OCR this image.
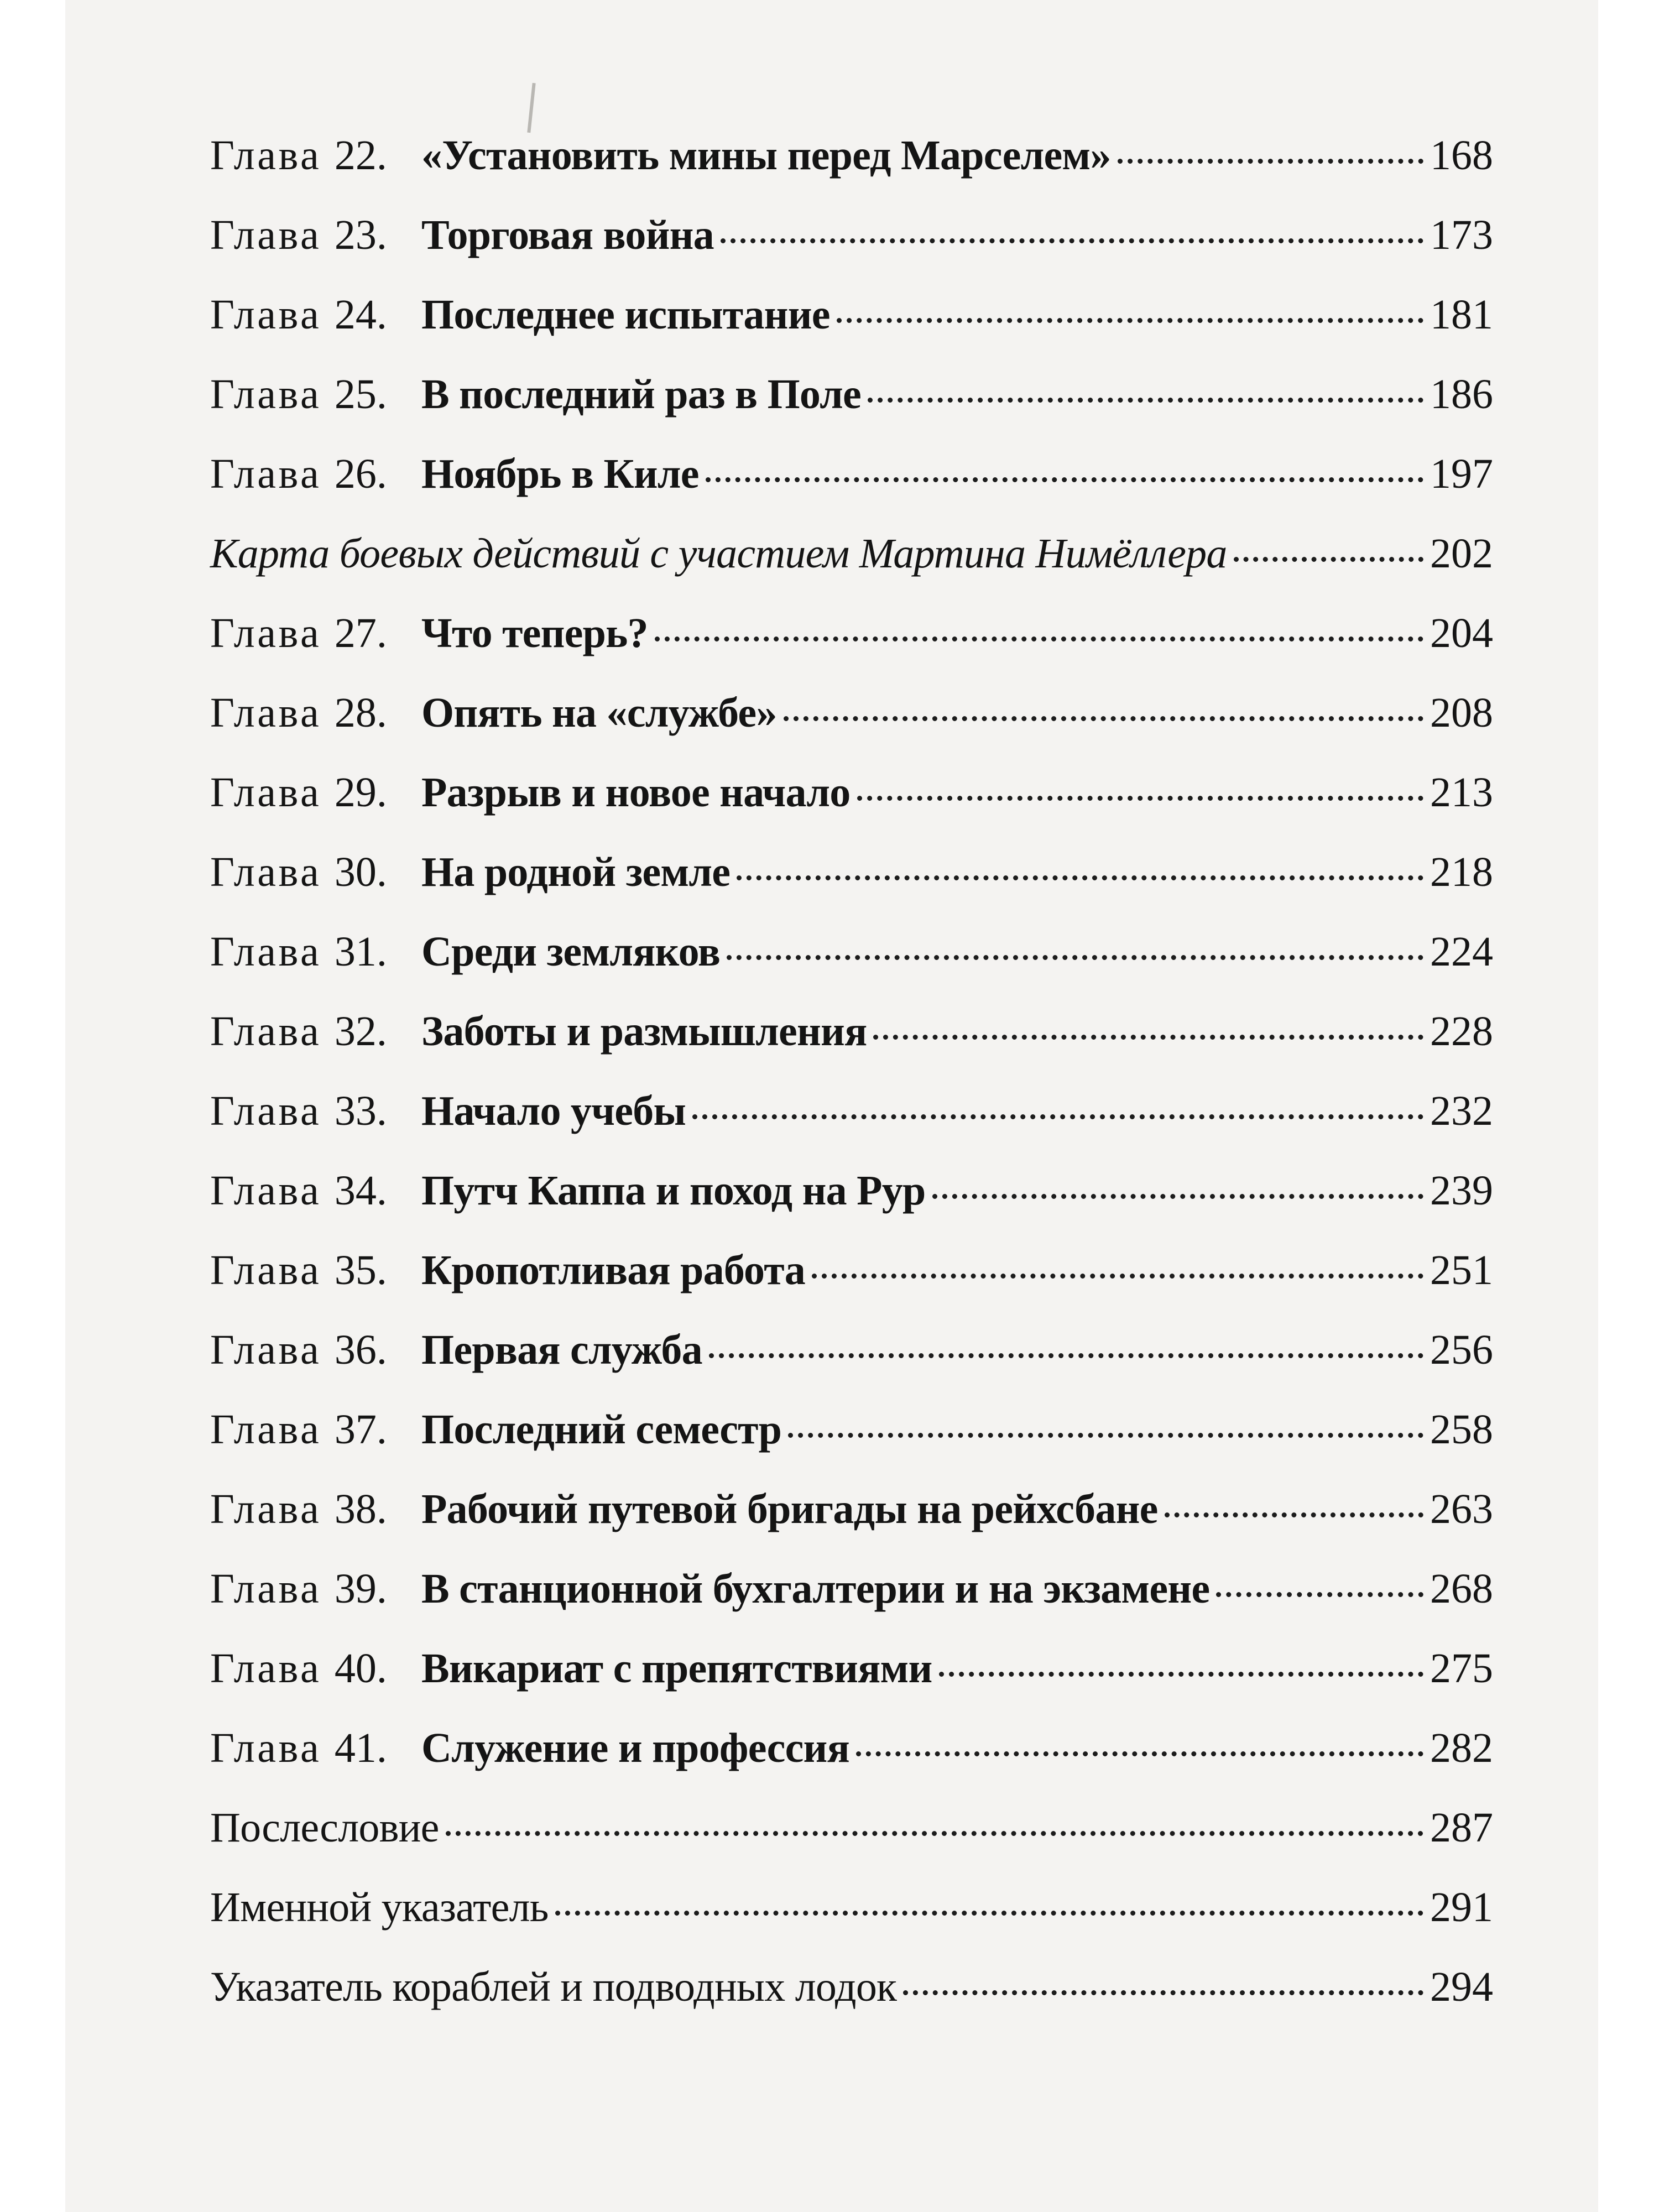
Глава 22. «Установить мины перед Марселем»	168
Глава 23. Торговая война	173
Глава 24. Последнее испытание	181
Глава 25. В последний раз в Поле	186
Глава 26. Ноябрь в Киле	197
Карта боевых действий с участием Мартина Нимёллера	202
Глава 27. Что теперь?	204
Глава 28. Опять на «службе»	208
Глава 29. Разрыв и новое начало	213
Глава 30. На родной земле	218
Глава 31. Среди земляков	224
Глава 32. Заботы и размышления	228
Глава 33. Начало учебы	232
Глава 34. Путч Каппа и поход на Рур	239
Глава 35. Кропотливая работа	251
Глава 36. Первая служба	256
Глава 37. Последний семестр	258
Глава 38. Рабочий путевой бригады на рейхсбане	263
Глава 39. В станционной бухгалтерии и на экзамене	268
Глава 40. Викариат с препятствиями	275
Глава 41. Служение и профессия	282
Послесловие	287
Именной указатель	291
Указатель кораблей и подводных лодок	294
